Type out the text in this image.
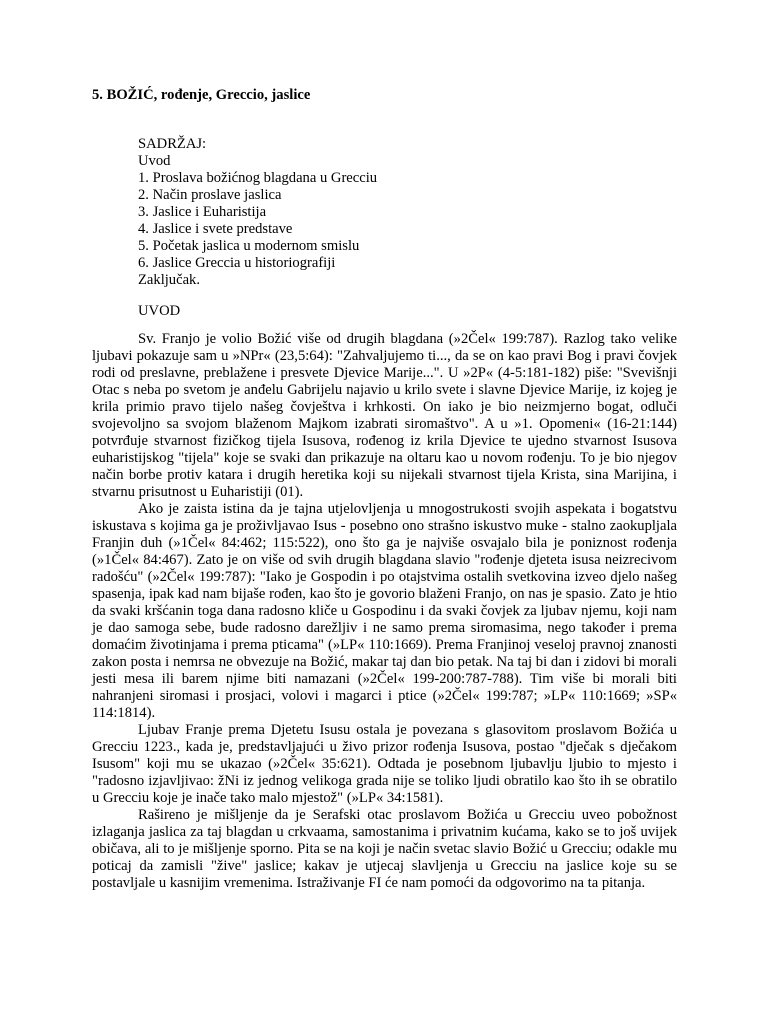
5. BOŽIĆ, rođenje, Greccio, jaslice
SADRŽAJ:
Uvod
1. Proslava božićnog blagdana u Grecciu
2. Način proslave jaslica
3. Jaslice i Euharistija
4. Jaslice i svete predstave
5. Početak jaslica u modernom smislu
6. Jaslice Greccia u historiografiji
Zaključak.
UVOD

Sv. Franjo je volio Božić više od drugih blagdana (»2Čel« 199:787). Razlog tako velike ljubavi pokazuje sam u »NPr« (23,5:64): "Zahvaljujemo ti..., da se on kao pravi Bog i pravi čovjek rodi od preslavne, preblažene i presvete Djevice Marije...". U »2P« (4-5:181-182) piše: "Svevišnji Otac s neba po svetom je anđelu Gabrijelu najavio u krilo svete i slavne Djevice Marije, iz kojeg je krila primio pravo tijelo našeg čovještva i krhkosti. On iako je bio neizmjerno bogat, odluči svojevoljno sa svojom blaženom Majkom izabrati siromaštvo". A u »1. Opomeni« (16-21:144) potvrđuje stvarnost fizičkog tijela Isusova, rođenog iz krila Djevice te ujedno stvarnost Isusova euharistijskog "tijela" koje se svaki dan prikazuje na oltaru kao u novom rođenju. To je bio njegov način borbe protiv katara i drugih heretika koji su nijekali stvarnost tijela Krista, sina Marijina, i stvarnu prisutnost u Euharistiji (01).

Ako je zaista istina da je tajna utjelovljenja u mnogostrukosti svojih aspekata i bogatstvu iskustava s kojima ga je proživljavao Isus - posebno ono strašno iskustvo muke - stalno zaokupljala Franjin duh (»1Čel« 84:462; 115:522), ono što ga je najviše osvajalo bila je poniznost rođenja (»1Čel« 84:467). Zato je on više od svih drugih blagdana slavio "rođenje djeteta isusa neizrecivom radošću" (»2Čel« 199:787): "Iako je Gospodin i po otajstvima ostalih svetkovina izveo djelo našeg spasenja, ipak kad nam bijaše rođen, kao što je govorio blaženi Franjo, on nas je spasio. Zato je htio da svaki kršćanin toga dana radosno kliče u Gospodinu i da svaki čovjek za ljubav njemu, koji nam je dao samoga sebe, bude radosno darežljiv i ne samo prema siromasima, nego također i prema domaćim životinjama i prema pticama" (»LP« 110:1669). Prema Franjinoj veseloj pravnoj znanosti zakon posta i nemrsa ne obvezuje na Božić, makar taj dan bio petak. Na taj bi dan i zidovi bi morali jesti mesa ili barem njime biti namazani (»2Čel« 199-200:787-788). Tim više bi morali biti nahranjeni siromasi i prosjaci, volovi i magarci i ptice (»2Čel« 199:787; »LP« 110:1669; »SP« 114:1814).

Ljubav Franje prema Djetetu Isusu ostala je povezana s glasovitom proslavom Božića u Grecciu 1223., kada je, predstavljajući u živo prizor rođenja Isusova, postao "dječak s dječakom Isusom" koji mu se ukazao (»2Čel« 35:621). Odtada je posebnom ljubavlju ljubio to mjesto i "radosno izjavljivao: žNi iz jednog velikoga grada nije se toliko ljudi obratilo kao što ih se obratilo u Grecciu koje je inače tako malo mjestož" (»LP« 34:1581).

Rašireno je mišljenje da je Serafski otac proslavom Božića u Grecciu uveo pobožnost izlaganja jaslica za taj blagdan u crkvaama, samostanima i privatnim kućama, kako se to još uvijek običava, ali to je mišljenje sporno. Pita se na koji je način svetac slavio Božić u Grecciu; odakle mu poticaj da zamisli "žive" jaslice; kakav je utjecaj slavljenja u Grecciu na jaslice koje su se postavljale u kasnijim vremenima. Istraživanje FI će nam pomoći da odgovorimo na ta pitanja.
